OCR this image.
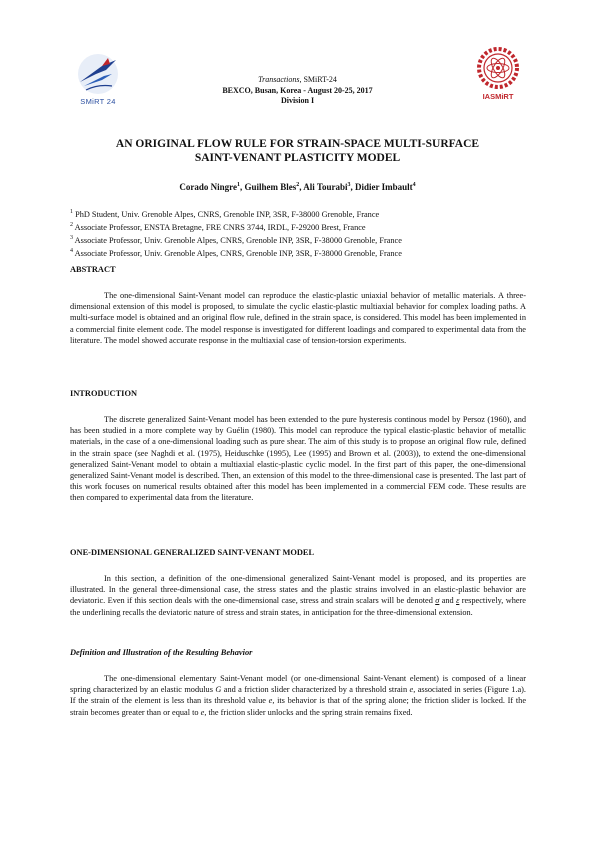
SMiRT 24
Transactions, SMiRT-24
BEXCO, Busan, Korea - August 20-25, 2017
Division I	IASMiRT
AN ORIGINAL FLOW RULE FOR STRAIN-SPACE MULTI-SURFACE
SAINT-VENANT PLASTICITY MODEL
Corado Ningre$^1$, Guilhem Bles$^2$, Ali Tourabi$^3$, Didier Imbault$^4$
$^1$ PhD Student, Univ. Grenoble Alpes, CNRS, Grenoble INP, 3SR, F-38000 Grenoble, France
$^2$ Associate Professor, ENSTA Bretagne, FRE CNRS 3744, IRDL, F-29200 Brest, France
$^3$ Associate Professor, Univ. Grenoble Alpes, CNRS, Grenoble INP, 3SR, F-38000 Grenoble, France
$^4$ Associate Professor, Univ. Grenoble Alpes, CNRS, Grenoble INP, 3SR, F-38000 Grenoble, France
ABSTRACT

The one-dimensional Saint-Venant model can reproduce the elastic-plastic uniaxial behavior of metallic materials. A three-dimensional extension of this model is proposed, to simulate the cyclic elastic-plastic multiaxial behavior for complex loading paths. A multi-surface model is obtained and an original flow rule, defined in the strain space, is considered. This model has been implemented in a commercial finite element code. The model response is investigated for different loadings and compared to experimental data from the literature. The model showed accurate response in the multiaxial case of tension-torsion experiments.

INTRODUCTION

The discrete generalized Saint-Venant model has been extended to the pure hysteresis continous model by Persoz (1960), and has been studied in a more complete way by Guélin (1980). This model can reproduce the typical elastic-plastic behavior of metallic materials, in the case of a one-dimensional loading such as pure shear. The aim of this study is to propose an original flow rule, defined in the strain space (see Naghdi et al. (1975), Heiduschke (1995), Lee (1995) and Brown et al. (2003)), to extend the one-dimensional generalized Saint-Venant model to obtain a multiaxial elastic-plastic cyclic model. In the first part of this paper, the one-dimensional generalized Saint-Venant model is described. Then, an extension of this model to the three-dimensional case is presented. The last part of this work focuses on numerical results obtained after this model has been implemented in a commercial FEM code. These results are then compared to experimental data from the literature.

ONE-DIMENSIONAL GENERALIZED SAINT-VENANT MODEL

In this section, a definition of the one-dimensional generalized Saint-Venant model is proposed, and its properties are illustrated. In the general three-dimensional case, the stress states and the plastic strains involved in an elastic-plastic behavior are deviatoric. Even if this section deals with the one-dimensional case, stress and strain scalars will be denoted σ and ε respectively, where the underlining recalls the deviatoric nature of stress and strain states, in anticipation for the three-dimensional extension.

Definition and Illustration of the Resulting Behavior

The one-dimensional elementary Saint-Venant model (or one-dimensional Saint-Venant element) is composed of a linear spring characterized by an elastic modulus G and a friction slider characterized by a threshold strain e, associated in series (Figure 1.a). If the strain of the element is less than its threshold value e, its behavior is that of the spring alone; the friction slider is locked. If the strain becomes greater than or equal to e, the friction slider unlocks and the spring strain remains fixed.
